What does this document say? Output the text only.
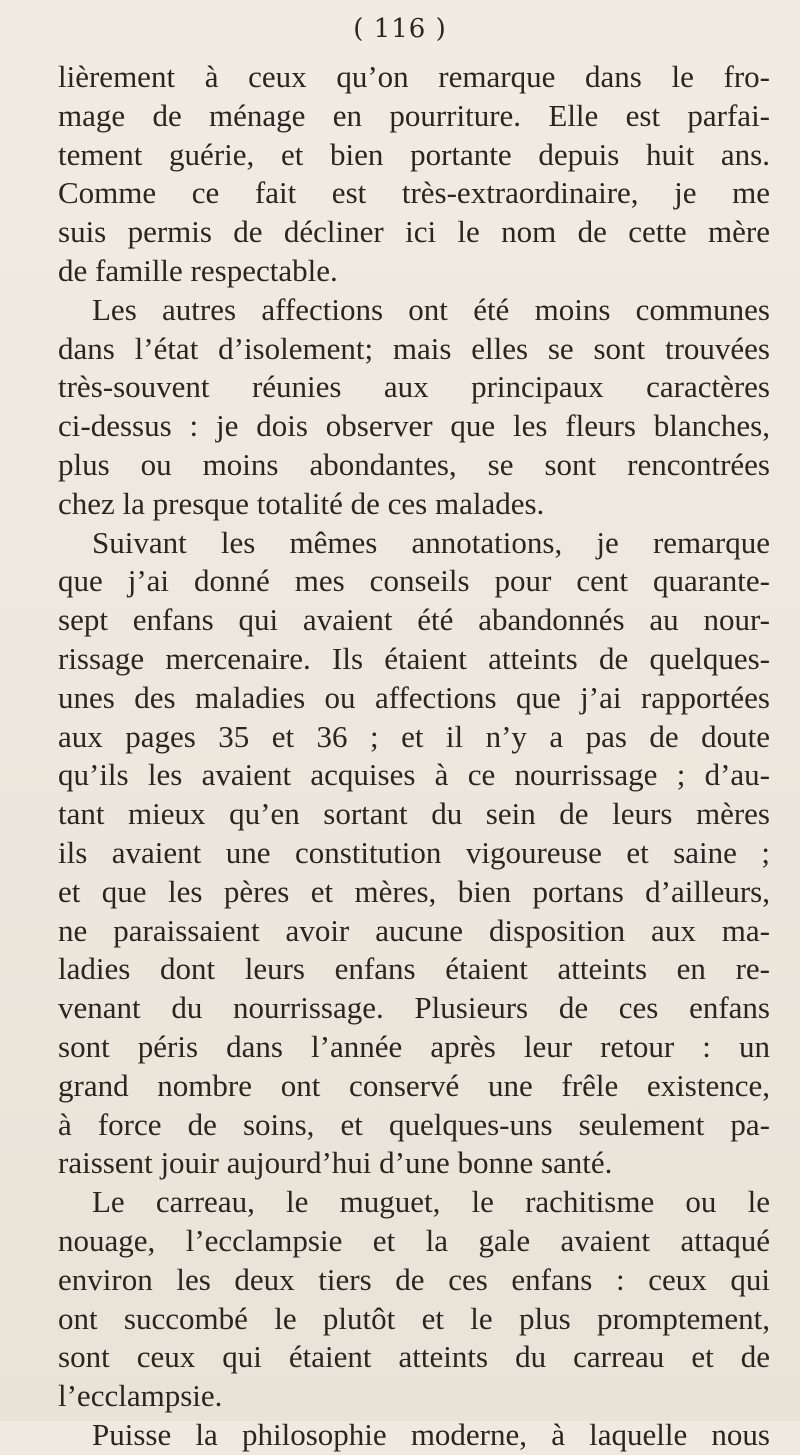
( 116 )
lièrement à ceux qu’on remarque dans le fro-
mage de ménage en pourriture. Elle est parfai-
tement guérie, et bien portante depuis huit ans.
Comme ce fait est très-extraordinaire, je me
suis permis de décliner ici le nom de cette mère
de famille respectable.
Les autres affections ont été moins communes
dans l’état d’isolement; mais elles se sont trouvées
très-souvent réunies aux principaux caractères
ci-dessus : je dois observer que les fleurs blanches,
plus ou moins abondantes, se sont rencontrées
chez la presque totalité de ces malades.
Suivant les mêmes annotations, je remarque
que j’ai donné mes conseils pour cent quarante-
sept enfans qui avaient été abandonnés au nour-
rissage mercenaire. Ils étaient atteints de quelques-
unes des maladies ou affections que j’ai rapportées
aux pages 35 et 36 ; et il n’y a pas de doute
qu’ils les avaient acquises à ce nourrissage ; d’au-
tant mieux qu’en sortant du sein de leurs mères
ils avaient une constitution vigoureuse et saine ;
et que les pères et mères, bien portans d’ailleurs,
ne paraissaient avoir aucune disposition aux ma-
ladies dont leurs enfans étaient atteints en re-
venant du nourrissage. Plusieurs de ces enfans
sont péris dans l’année après leur retour : un
grand nombre ont conservé une frêle existence,
à force de soins, et quelques-uns seulement pa-
raissent jouir aujourd’hui d’une bonne santé.
Le carreau, le muguet, le rachitisme ou le
nouage, l’ecclampsie et la gale avaient attaqué
environ les deux tiers de ces enfans : ceux qui
ont succombé le plutôt et le plus promptement,
sont ceux qui étaient atteints du carreau et de
l’ecclampsie.
Puisse la philosophie moderne, à laquelle nous
